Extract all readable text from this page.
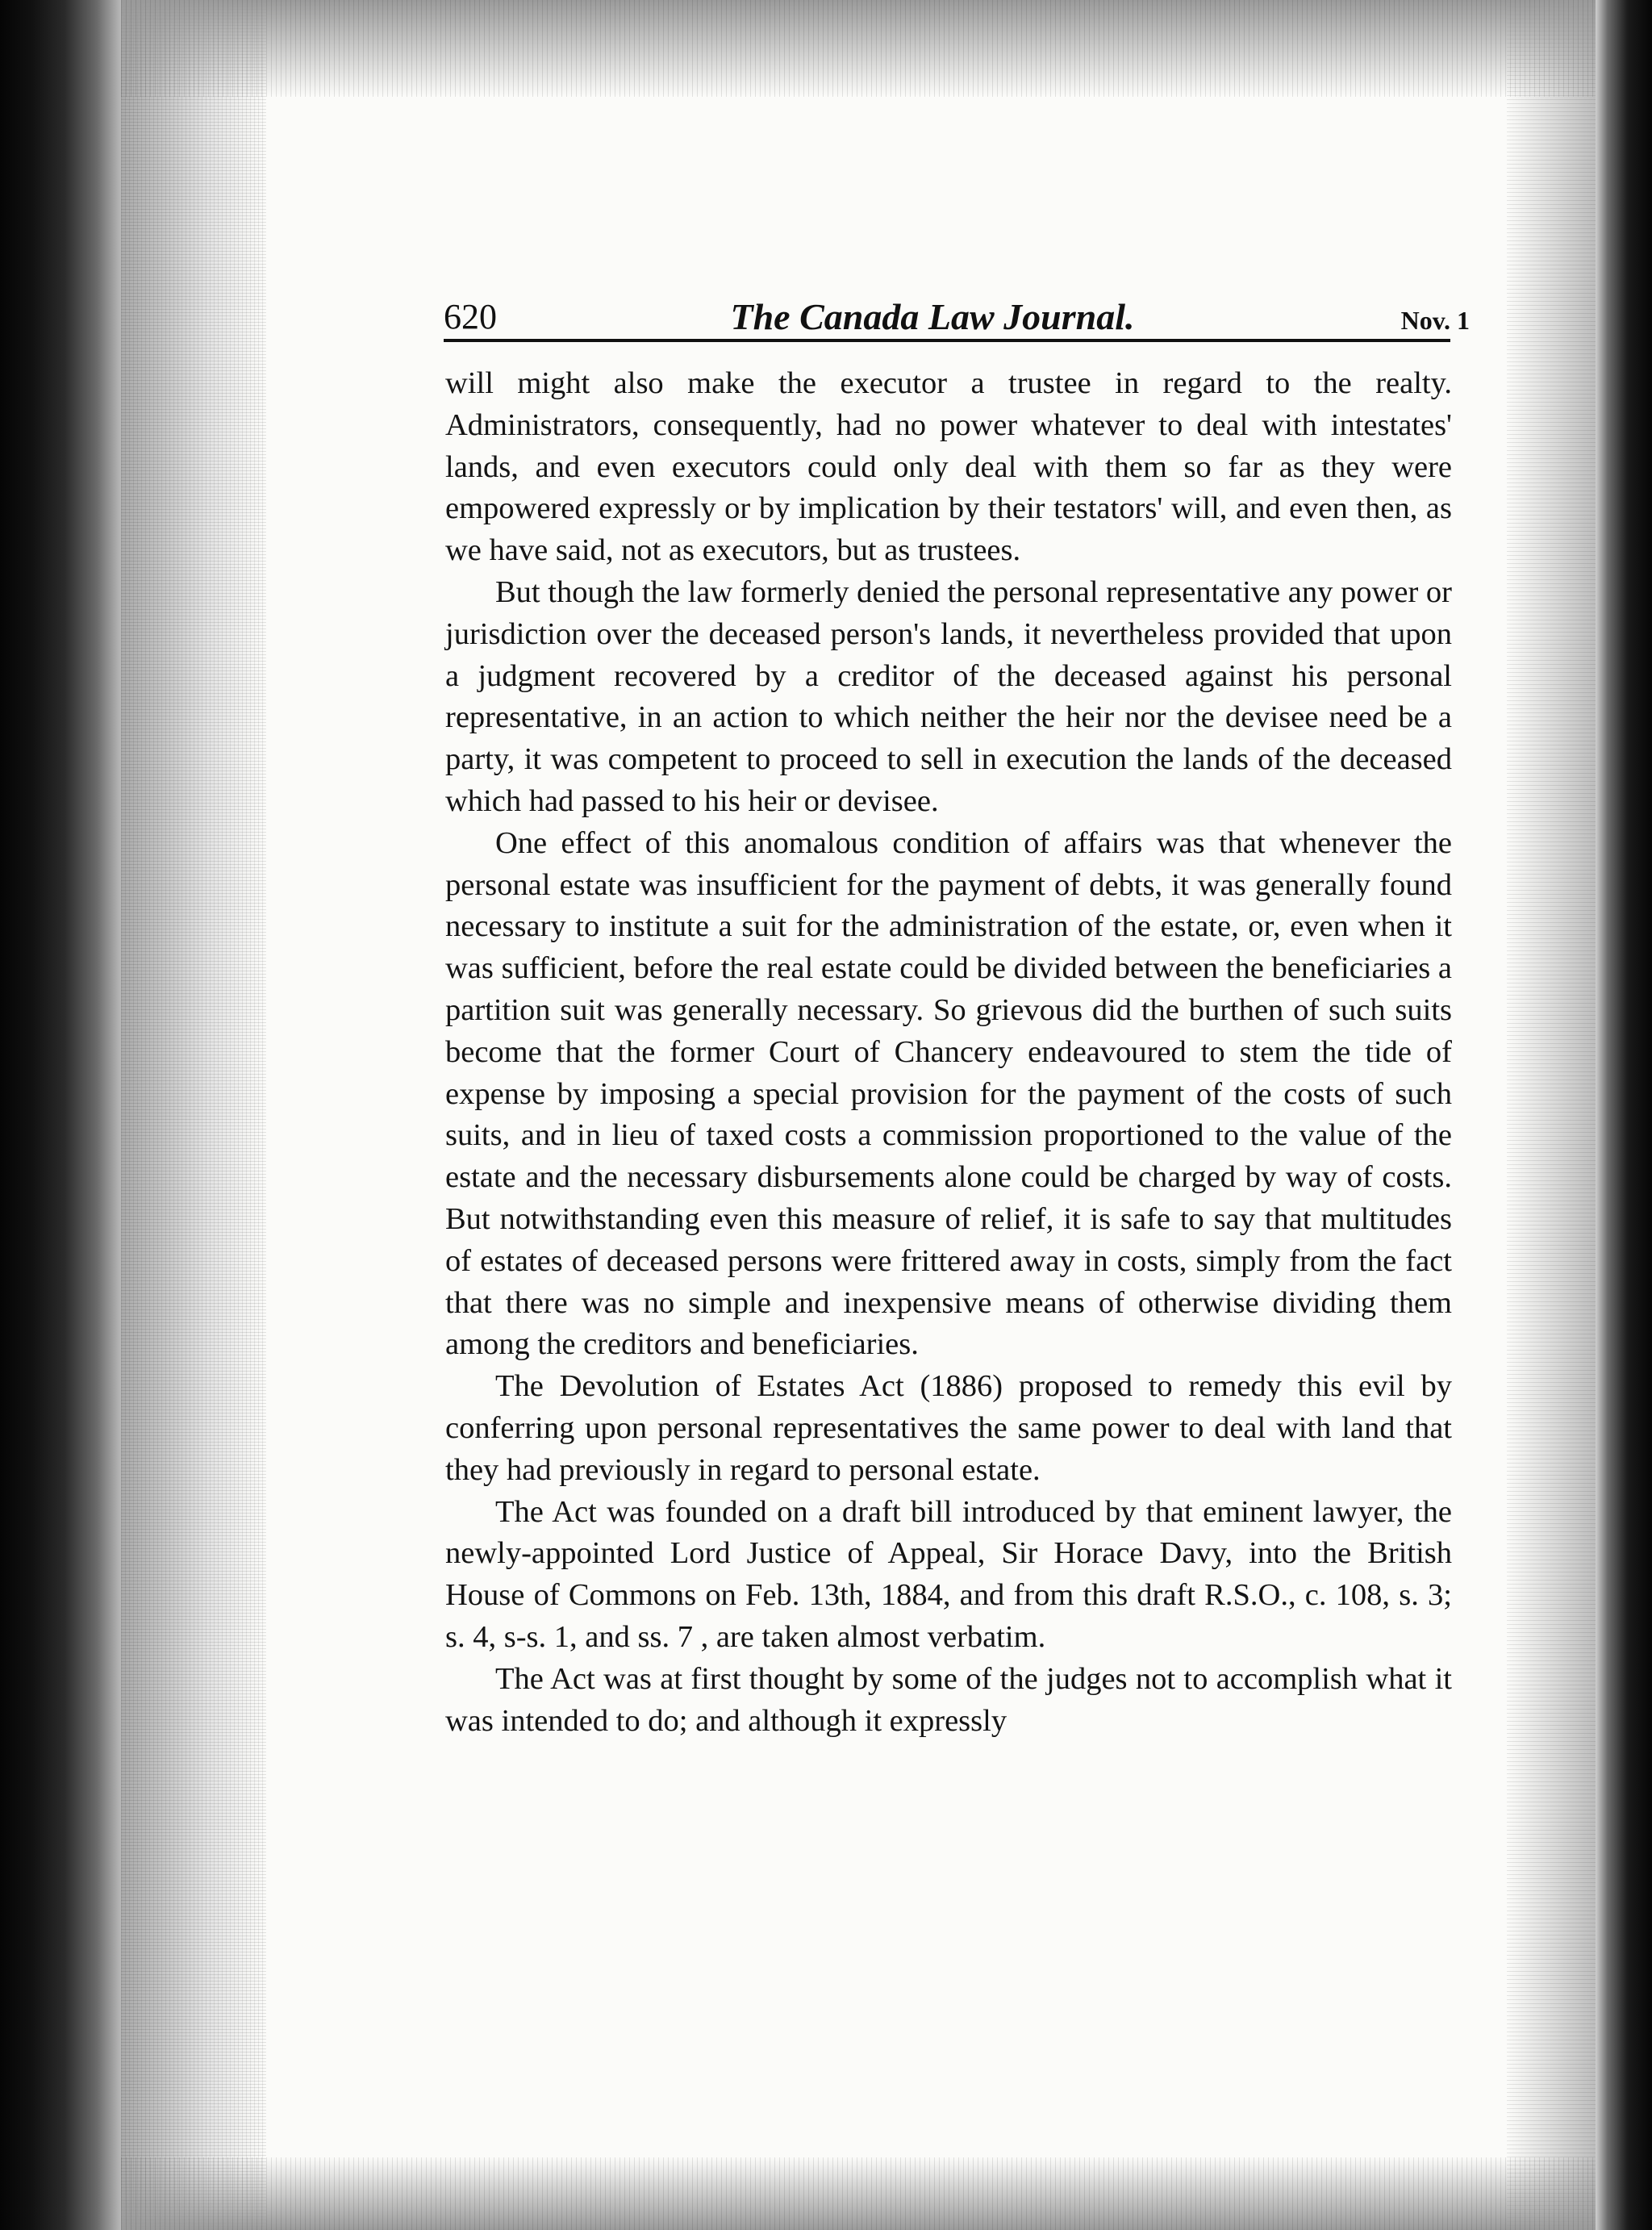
620	The Canada Law Journal.	Nov. 1

will might also make the executor a trustee in regard to the realty. Administrators, consequently, had no power whatever to deal with intestates' lands, and even executors could only deal with them so far as they were empowered expressly or by implication by their testators' will, and even then, as we have said, not as executors, but as trustees.

But though the law formerly denied the personal representative any power or jurisdiction over the deceased person's lands, it nevertheless provided that upon a judgment recovered by a creditor of the deceased against his personal representative, in an action to which neither the heir nor the devisee need be a party, it was competent to proceed to sell in execution the lands of the deceased which had passed to his heir or devisee.

One effect of this anomalous condition of affairs was that whenever the personal estate was insufficient for the payment of debts, it was generally found necessary to institute a suit for the administration of the estate, or, even when it was sufficient, before the real estate could be divided between the beneficiaries a partition suit was generally necessary. So grievous did the burthen of such suits become that the former Court of Chancery endeavoured to stem the tide of expense by imposing a special provision for the payment of the costs of such suits, and in lieu of taxed costs a commission proportioned to the value of the estate and the necessary disbursements alone could be charged by way of costs. But notwithstanding even this measure of relief, it is safe to say that multitudes of estates of deceased persons were frittered away in costs, simply from the fact that there was no simple and inexpensive means of otherwise dividing them among the creditors and beneficiaries.

The Devolution of Estates Act (1886) proposed to remedy this evil by conferring upon personal representatives the same power to deal with land that they had previously in regard to personal estate.

The Act was founded on a draft bill introduced by that eminent lawyer, the newly-appointed Lord Justice of Appeal, Sir Horace Davy, into the British House of Commons on Feb. 13th, 1884, and from this draft R.S.O., c. 108, s. 3; s. 4, s-s. 1, and ss. 7 , are taken almost verbatim.

The Act was at first thought by some of the judges not to accomplish what it was intended to do; and although it expressly
